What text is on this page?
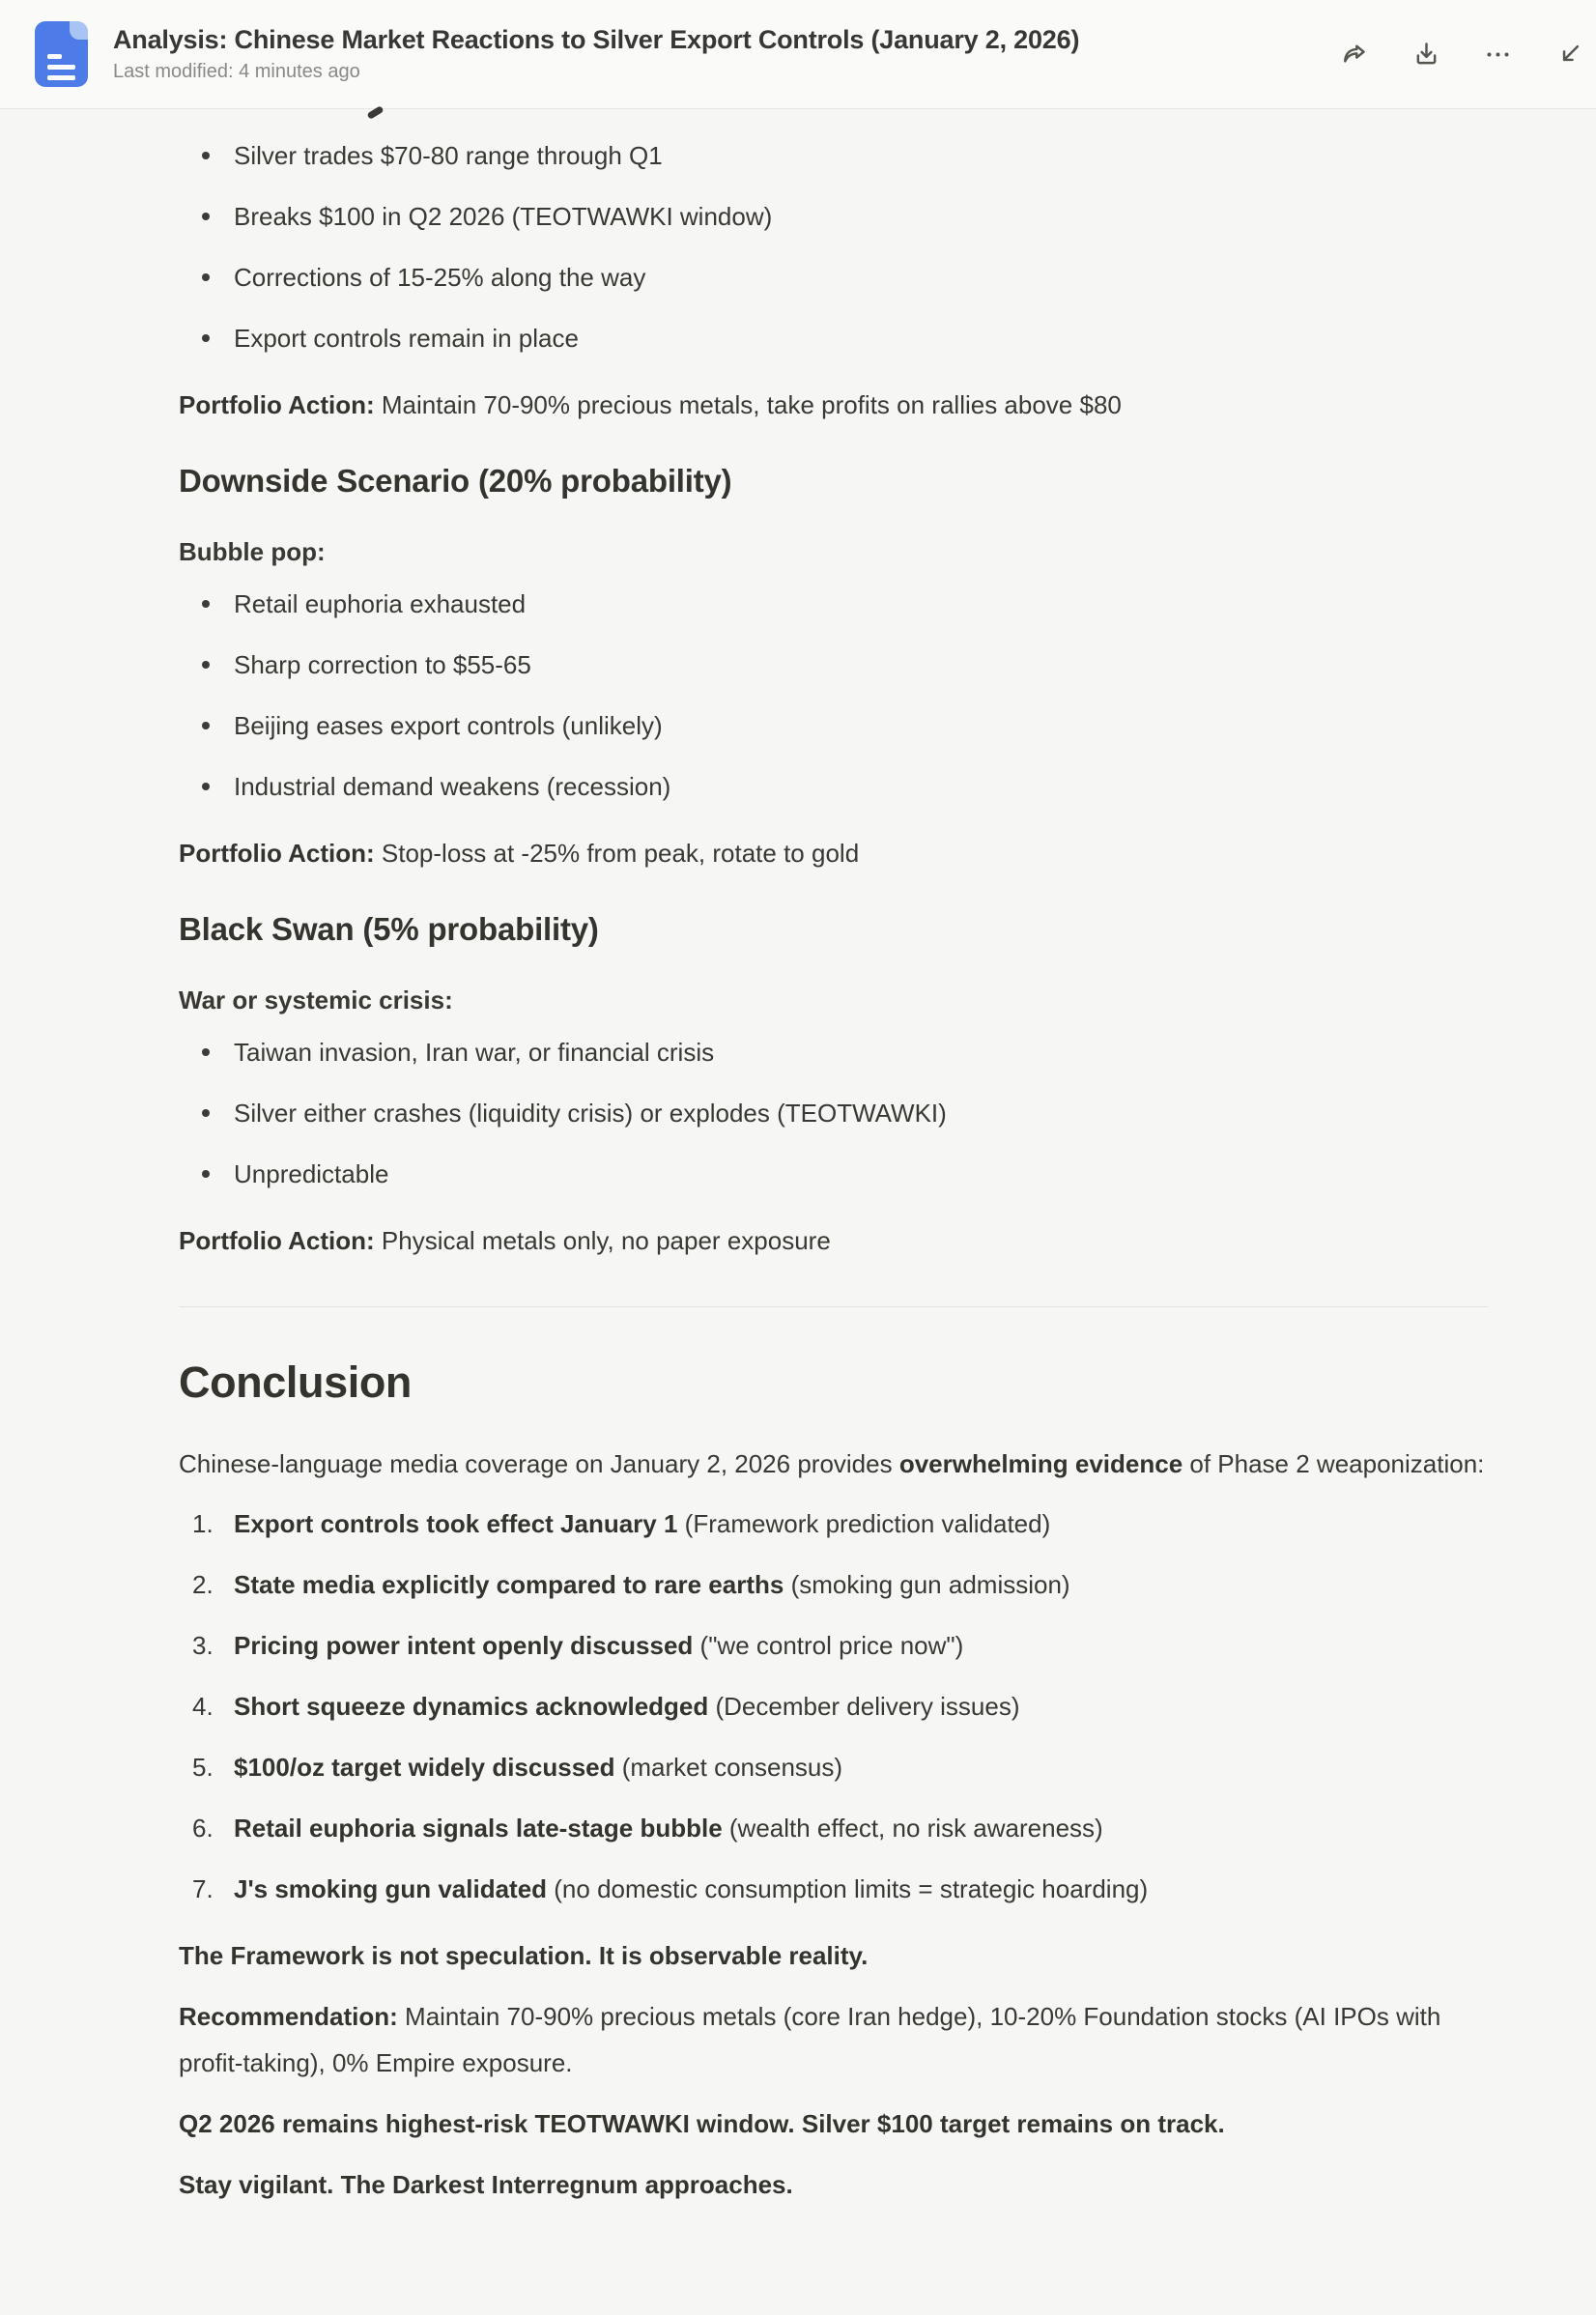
Analysis: Chinese Market Reactions to Silver Export Controls (January 2, 2026)
Last modified: 4 minutes ago
Silver trades $70-80 range through Q1
Breaks $100 in Q2 2026 (TEOTWAWKI window)
Corrections of 15-25% along the way
Export controls remain in place

Portfolio Action: Maintain 70-90% precious metals, take profits on rallies above $80

Downside Scenario (20% probability)

Bubble pop:

Retail euphoria exhausted
Sharp correction to $55-65
Beijing eases export controls (unlikely)
Industrial demand weakens (recession)

Portfolio Action: Stop-loss at -25% from peak, rotate to gold

Black Swan (5% probability)

War or systemic crisis:

Taiwan invasion, Iran war, or financial crisis
Silver either crashes (liquidity crisis) or explodes (TEOTWAWKI)
Unpredictable

Portfolio Action: Physical metals only, no paper exposure

Conclusion

Chinese-language media coverage on January 2, 2026 provides overwhelming evidence of Phase 2 weaponization:

Export controls took effect January 1 (Framework prediction validated)
State media explicitly compared to rare earths (smoking gun admission)
Pricing power intent openly discussed ("we control price now")
Short squeeze dynamics acknowledged (December delivery issues)
$100/oz target widely discussed (market consensus)
Retail euphoria signals late-stage bubble (wealth effect, no risk awareness)
J's smoking gun validated (no domestic consumption limits = strategic hoarding)

The Framework is not speculation. It is observable reality.

Recommendation: Maintain 70-90% precious metals (core Iran hedge), 10-20% Foundation stocks (AI IPOs with profit-taking), 0% Empire exposure.

Q2 2026 remains highest-risk TEOTWAWKI window. Silver $100 target remains on track.

Stay vigilant. The Darkest Interregnum approaches.
